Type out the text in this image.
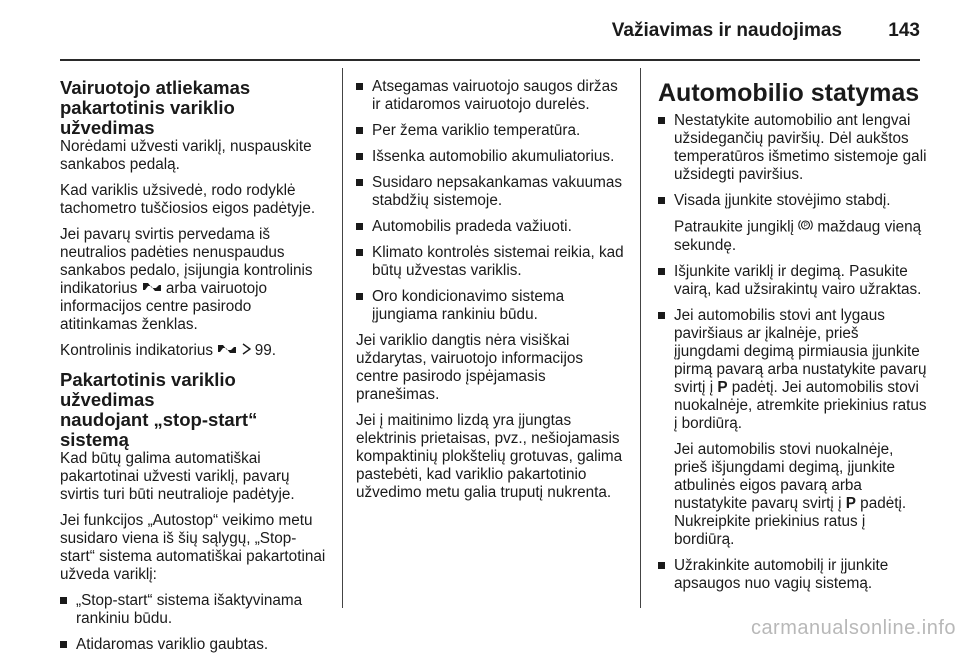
Važiavimas ir naudojimas 143
Vairuotojo atliekamas
pakartotinis variklio užvedimas

Norėdami užvesti variklį, nuspauskite sankabos pedalą.

Kad variklis užsivedė, rodo rodyklė tachometro tuščiosios eigos padėtyje.

Jei pavarų svirtis pervedama iš neutralios padėties nenuspaudus sankabos pedalo, įsijungia kontrolinis indikatorius  arba vairuotojo informacijos centre pasirodo atitinkamas ženklas.

Kontrolinis indikatorius   99.

Pakartotinis variklio užvedimas
naudojant „stop-start“ sistemą

Kad būtų galima automatiškai pakartotinai užvesti variklį, pavarų svirtis turi būti neutralioje padėtyje.

Jei funkcijos „Autostop“ veikimo metu susidaro viena iš šių sąlygų, „Stop-start“ sistema automatiškai pakartotinai užveda variklį:

„Stop-start“ sistema išaktyvinama rankiniu būdu.
Atidaromas variklio gaubtas.
Atsegamas vairuotojo saugos diržas ir atidaromos vairuotojo durelės.
Per žema variklio temperatūra.
Išsenka automobilio akumuliatorius.
Susidaro nepsakankamas vakuumas stabdžių sistemoje.
Automobilis pradeda važiuoti.
Klimato kontrolės sistemai reikia, kad būtų užvestas variklis.
Oro kondicionavimo sistema įjungiama rankiniu būdu.

Jei variklio dangtis nėra visiškai uždarytas, vairuotojo informacijos centre pasirodo įspėjamasis pranešimas.

Jei į maitinimo lizdą yra įjungtas elektrinis prietaisas, pvz., nešiojamasis kompaktinių plokštelių grotuvas, galima pastebėti, kad variklio pakartotinio užvedimo metu galia truputį nukrenta.

Automobilio statymas
Nestatykite automobilio ant lengvai užsidegančių paviršių. Dėl aukštos temperatūros išmetimo sistemoje gali užsidegti paviršius.
Visada įjunkite stovėjimo stabdį.

Patraukite jungiklį P maždaug vieną sekundę.

Išjunkite variklį ir degimą. Pasukite vairą, kad užsirakintų vairo užraktas.
Jei automobilis stovi ant lygaus paviršiaus ar įkalnėje, prieš įjungdami degimą pirmiausia įjunkite pirmą pavarą arba nustatykite pavarų svirtį į P padėtį. Jei automobilis stovi nuokalnėje, atremkite priekinius ratus į bordiūrą.

Jei automobilis stovi nuokalnėje, prieš išjungdami degimą, įjunkite atbulinės eigos pavarą arba nustatykite pavarų svirtį į P padėtį. Nukreipkite priekinius ratus į bordiūrą.

Užrakinkite automobilį ir įjunkite apsaugos nuo vagių sistemą.
carmanualsonline.info
